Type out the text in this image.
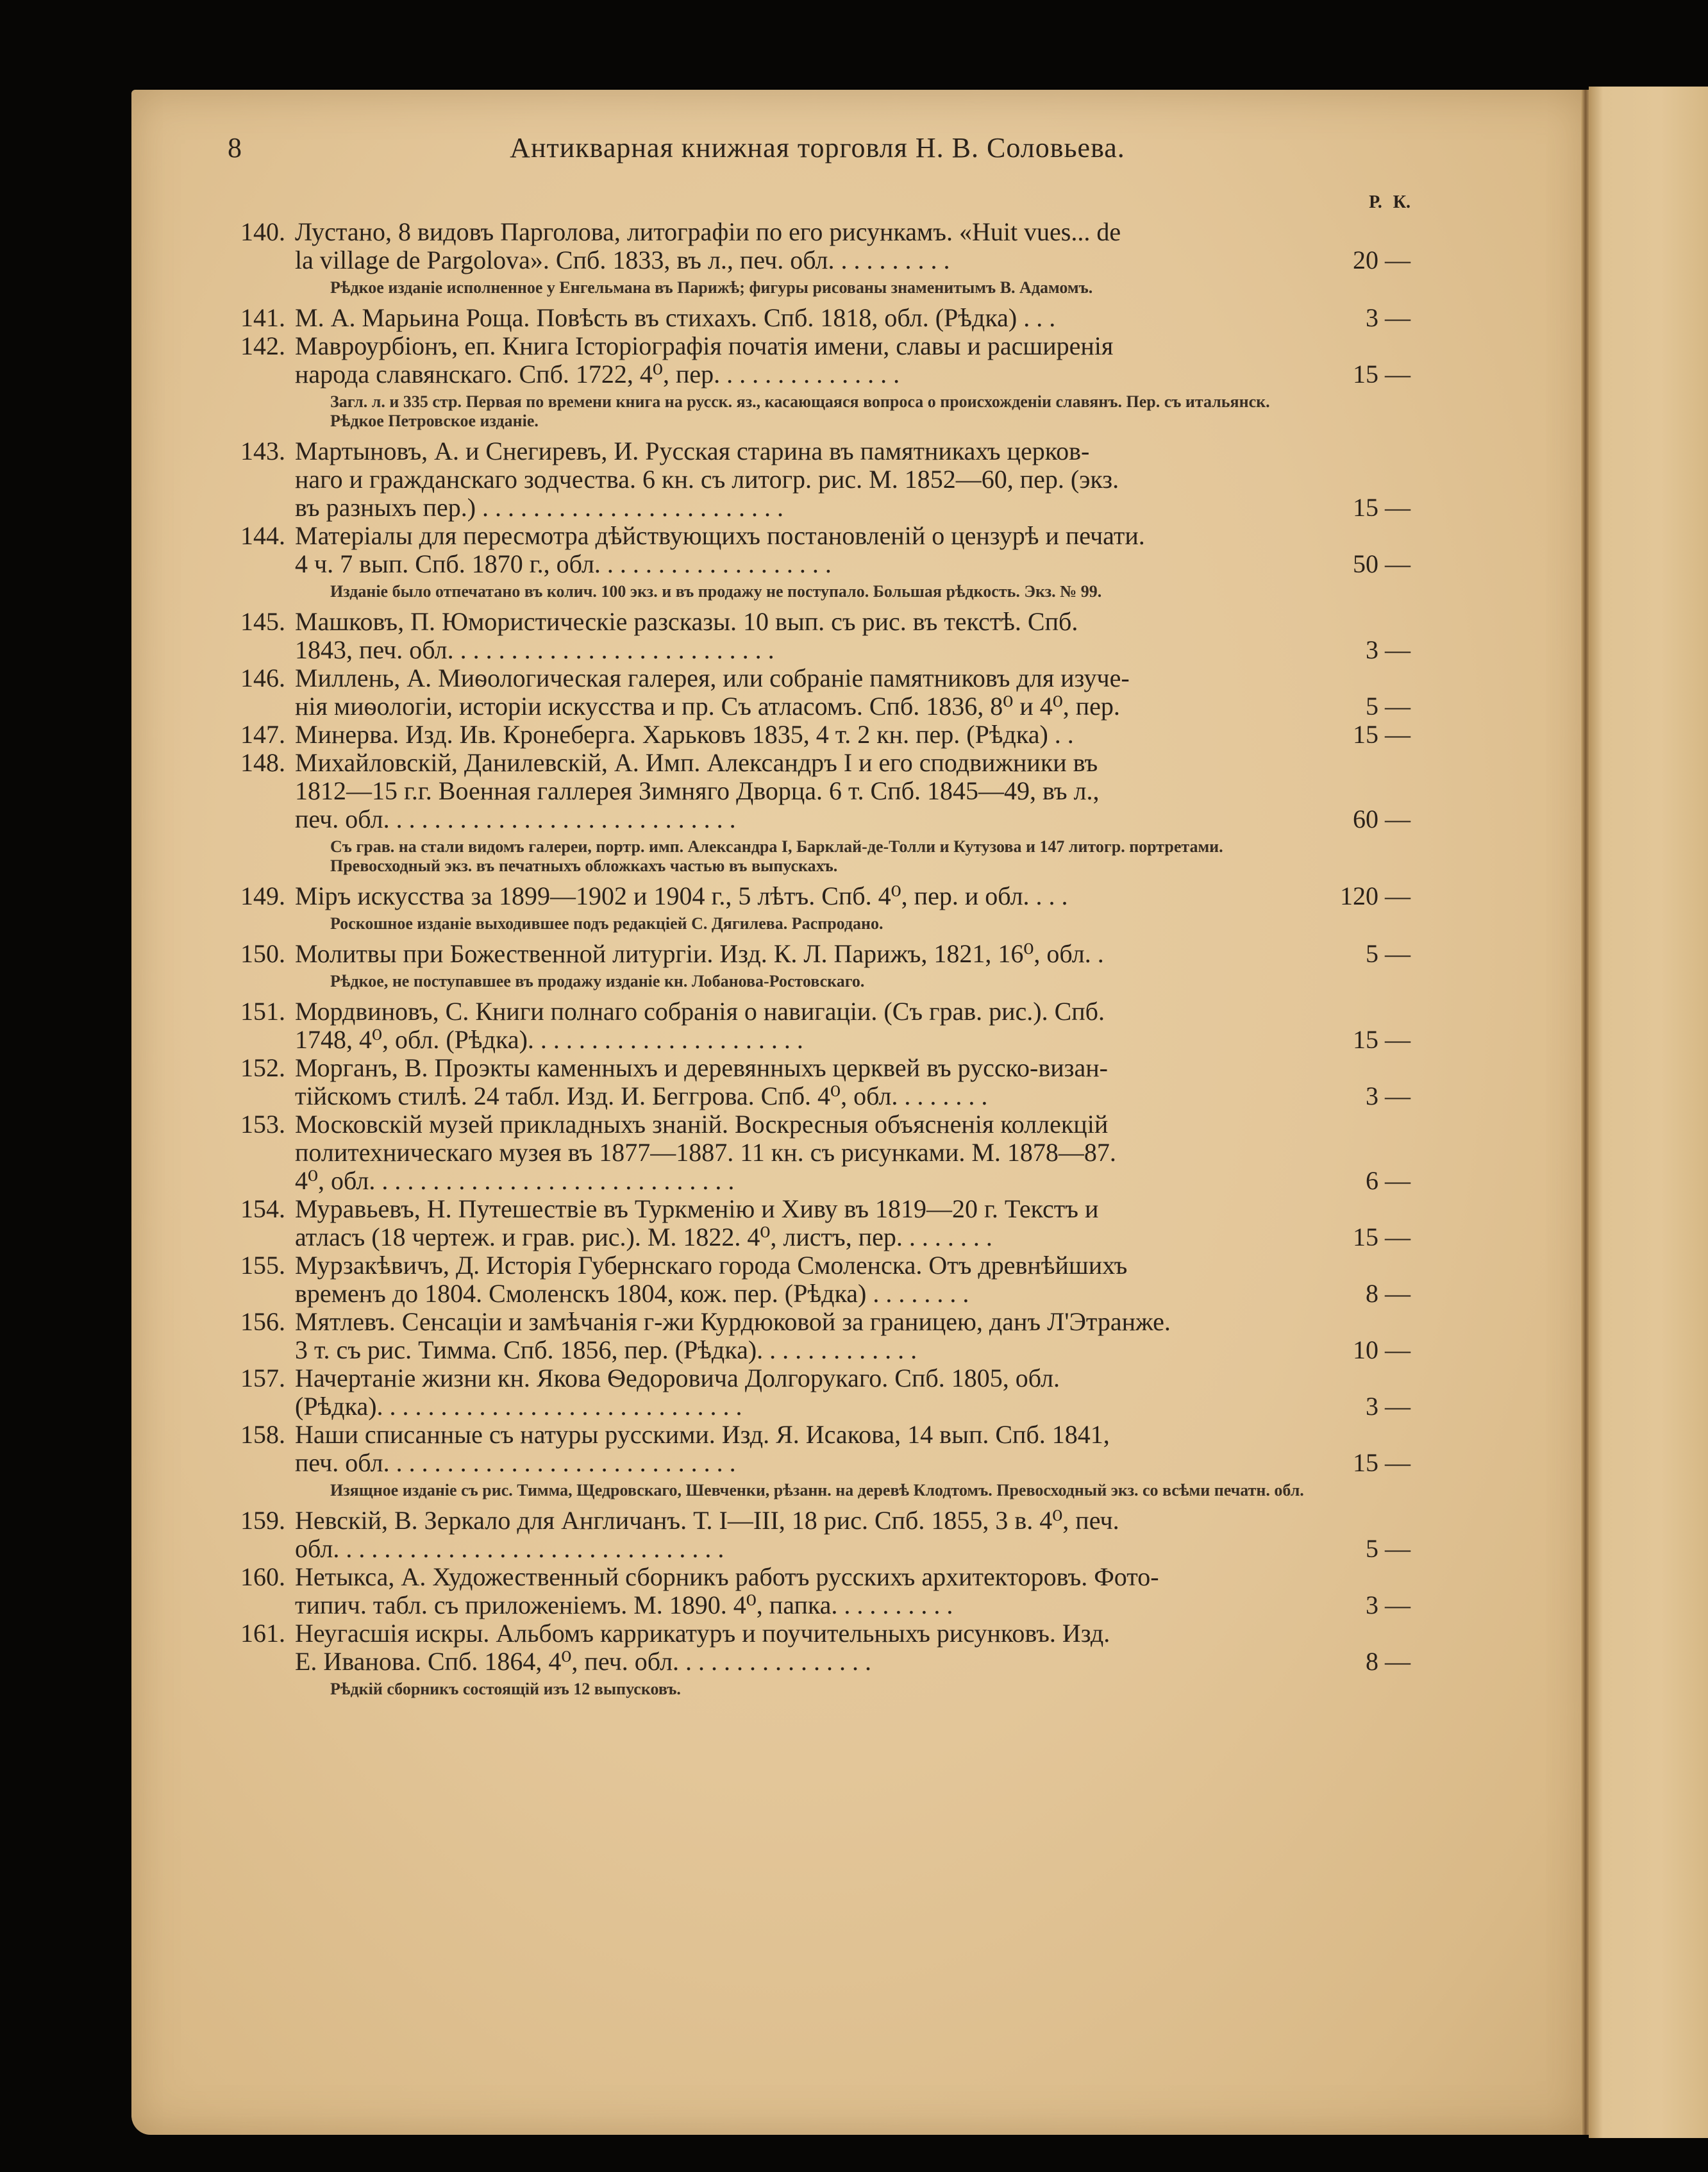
8	Антикварная книжная торговля Н. В. Соловьева.
Р. К.
140. Лустано, 8 видовъ Парголова, литографіи по его рисункамъ. «Huit vues... de
la village de Pargolova». Спб. 1833, въ л., печ. обл. . . . . . . . . .	20 —
Рѣдкое изданіе исполненное у Енгельмана въ Парижѣ; фигуры рисованы знаменитымъ В. Адамомъ.
141. М. А. Марьина Роща. Повѣсть въ стихахъ. Спб. 1818, обл. (Рѣдка) . . .	3 —
142. Мавроурбіонъ, еп. Книга Історіографія початія имени, славы и расширенія
народа славянскаго. Спб. 1722, 4⁰, пер. . . . . . . . . . . . . . .	15 —
Загл. л. и 335 стр. Первая по времени книга на русск. яз., касающаяся вопроса о происхожденіи славянъ. Пер. съ итальянск. Рѣдкое Петровское изданіе.
143. Мартыновъ, А. и Снегиревъ, И. Русская старина въ памятникахъ церков-
наго и гражданскаго зодчества. 6 кн. съ литогр. рис. М. 1852—60, пер. (экз.
въ разныхъ пер.) . . . . . . . . . . . . . . . . . . . . . . . .	15 —
144. Матеріалы для пересмотра дѣйствующихъ постановленій о цензурѣ и печати.
4 ч. 7 вып. Спб. 1870 г., обл. . . . . . . . . . . . . . . . . . .	50 —
Изданіе было отпечатано въ колич. 100 экз. и въ продажу не поступало. Большая рѣдкость. Экз. № 99.
145. Машковъ, П. Юмористическіе разсказы. 10 вып. съ рис. въ текстѣ. Спб.
1843, печ. обл. . . . . . . . . . . . . . . . . . . . . . . . . .	3 —
146. Миллень, А. Миѳологическая галерея, или собраніе памятниковъ для изуче-
нія миѳологіи, исторіи искусства и пр. Съ атласомъ. Спб. 1836, 8⁰ и 4⁰, пер.	5 —
147. Минерва. Изд. Ив. Кронеберга. Харьковъ 1835, 4 т. 2 кн. пер. (Рѣдка) . .	15 —
148. Михайловскій, Данилевскій, А. Имп. Александръ I и его сподвижники въ
1812—15 г.г. Военная галлерея Зимняго Дворца. 6 т. Спб. 1845—49, въ л.,
печ. обл. . . . . . . . . . . . . . . . . . . . . . . . . . . .	60 —
Съ грав. на стали видомъ галереи, портр. имп. Александра I, Барклай-де-Толли и Кутузова и 147 литогр. портретами. Превосходный экз. въ печатныхъ обложкахъ частью въ выпускахъ.
149. Міръ искусства за 1899—1902 и 1904 г., 5 лѣтъ. Спб. 4⁰, пер. и обл. . . .	120 —
Роскошное изданіе выходившее подъ редакціей С. Дягилева. Распродано.
150. Молитвы при Божественной литургіи. Изд. К. Л. Парижъ, 1821, 16⁰, обл. .	5 —
Рѣдкое, не поступавшее въ продажу изданіе кн. Лобанова-Ростовскаго.
151. Мордвиновъ, С. Книги полнаго собранія о навигаціи. (Съ грав. рис.). Спб.
1748, 4⁰, обл. (Рѣдка). . . . . . . . . . . . . . . . . . . . . .	15 —
152. Морганъ, В. Проэкты каменныхъ и деревянныхъ церквей въ русско-визан-
тійскомъ стилѣ. 24 табл. Изд. И. Беггрова. Спб. 4⁰, обл. . . . . . . .	3 —
153. Московскій музей прикладныхъ знаній. Воскресныя объясненія коллекцій
политехническаго музея въ 1877—1887. 11 кн. съ рисунками. М. 1878—87.
4⁰, обл. . . . . . . . . . . . . . . . . . . . . . . . . . . . .	6 —
154. Муравьевъ, Н. Путешествіе въ Туркменію и Хиву въ 1819—20 г. Текстъ и
атласъ (18 чертеж. и грав. рис.). М. 1822. 4⁰, листъ, пер. . . . . . . .	15 —
155. Мурзакѣвичъ, Д. Исторія Губернскаго города Смоленска. Отъ древнѣйшихъ
временъ до 1804. Смоленскъ 1804, кож. пер. (Рѣдка) . . . . . . . .	8 —
156. Мятлевъ. Сенсаціи и замѣчанія г-жи Курдюковой за границею, данъ Л'Этранже.
3 т. съ рис. Тимма. Спб. 1856, пер. (Рѣдка). . . . . . . . . . . . .	10 —
157. Начертаніе жизни кн. Якова Ѳедоровича Долгорукаго. Спб. 1805, обл.
(Рѣдка). . . . . . . . . . . . . . . . . . . . . . . . . . . . .	3 —
158. Наши списанные съ натуры русскими. Изд. Я. Исакова, 14 вып. Спб. 1841,
печ. обл. . . . . . . . . . . . . . . . . . . . . . . . . . . .	15 —
Изящное изданіе съ рис. Тимма, Щедровскаго, Шевченки, рѣзанн. на деревѣ Клодтомъ. Превосходный экз. со всѣми печатн. обл.
159. Невскій, В. Зеркало для Англичанъ. Т. I—III, 18 рис. Спб. 1855, 3 в. 4⁰, печ.
обл. . . . . . . . . . . . . . . . . . . . . . . . . . . . . . .	5 —
160. Нетыкса, А. Художественный сборникъ работъ русскихъ архитекторовъ. Фото-
типич. табл. съ приложеніемъ. М. 1890. 4⁰, папка. . . . . . . . . .	3 —
161. Неугасшія искры. Альбомъ каррикатуръ и поучительныхъ рисунковъ. Изд.
Е. Иванова. Спб. 1864, 4⁰, печ. обл. . . . . . . . . . . . . . . .	8 —
Рѣдкій сборникъ состоящій изъ 12 выпусковъ.
